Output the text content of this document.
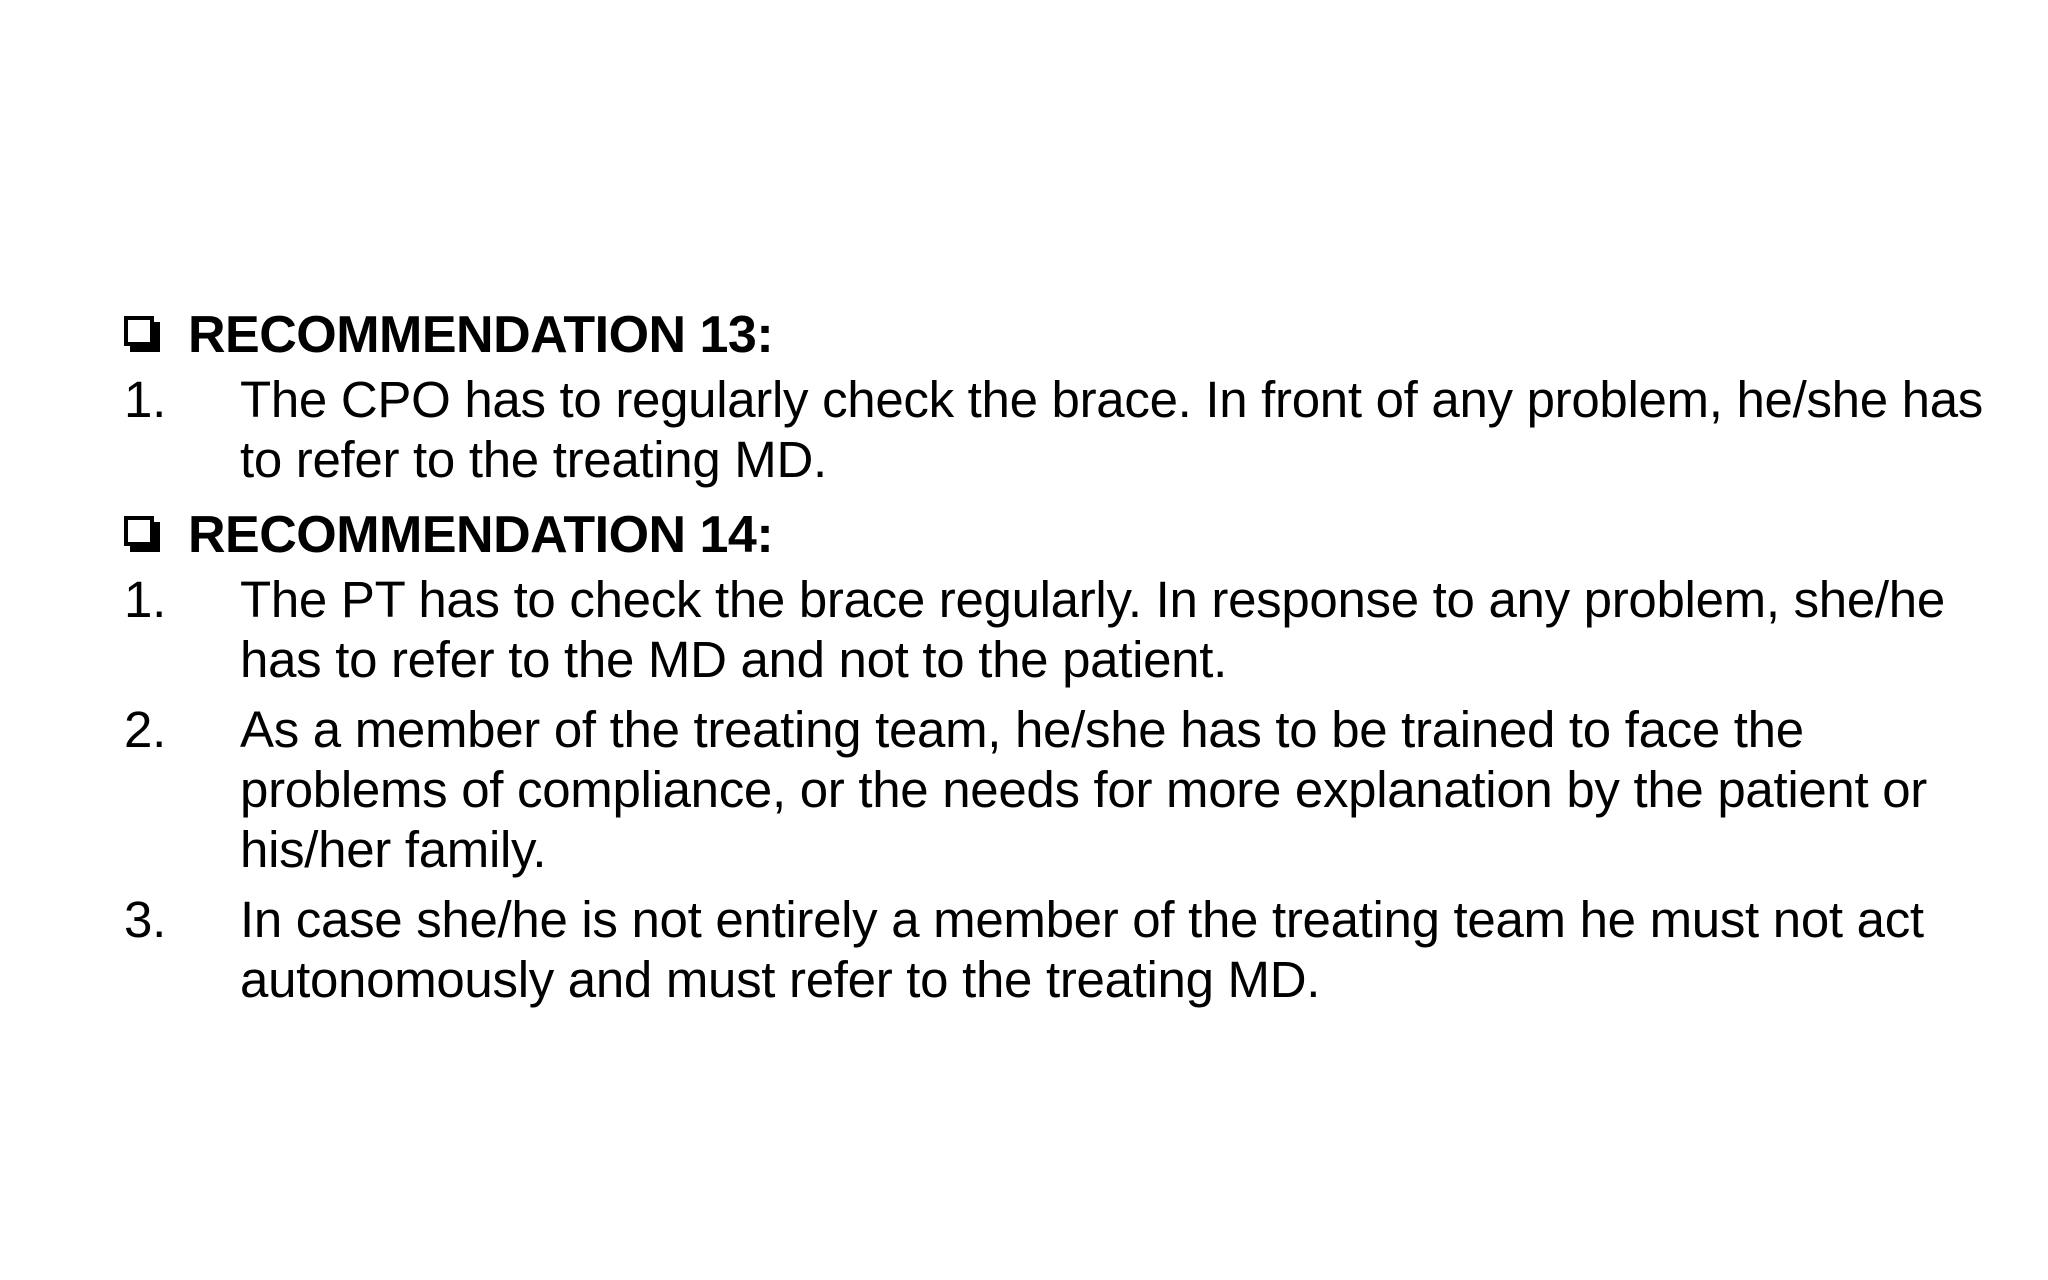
RECOMMENDATION 13:
1.	The CPO has to regularly check the brace. In front of any problem, he/she has to refer to the treating MD.
RECOMMENDATION 14:
1.	The PT has to check the brace regularly. In response to any problem, she/he has to refer to the MD and not to the patient.
2.	As a member of the treating team, he/she has to be trained to face the problems of compliance, or the needs for more explanation by the patient or his/her family.
3.	In case she/he is not entirely a member of the treating team he must not act autonomously and must refer to the treating MD.
